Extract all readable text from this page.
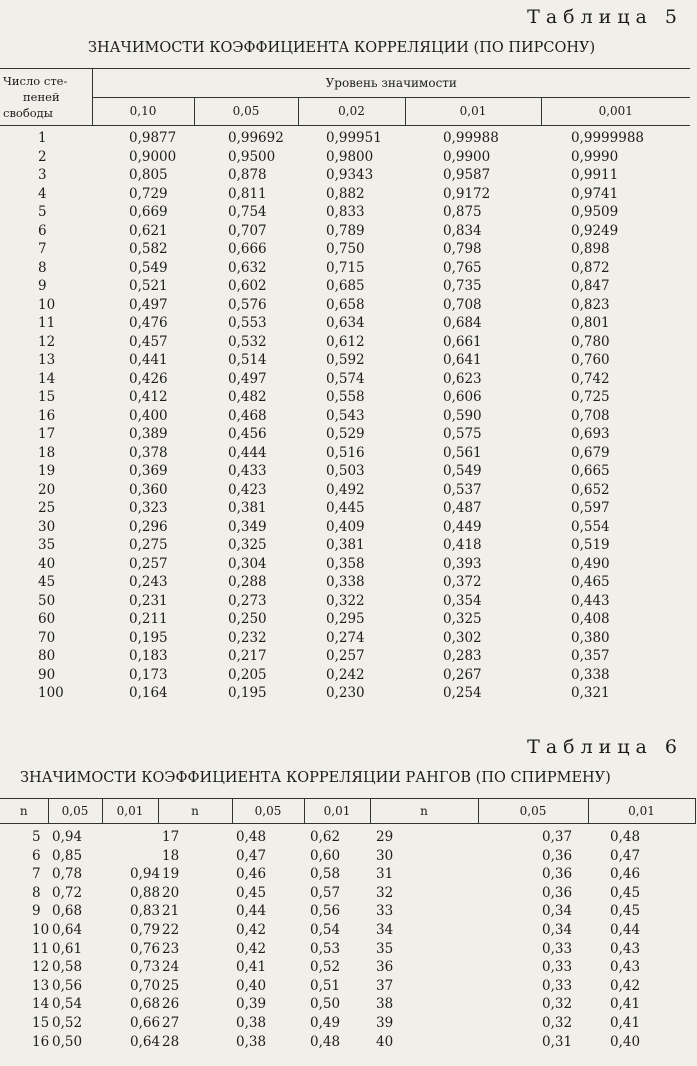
Таблица 5
ЗНАЧИМОСТИ КОЭФФИЦИЕНТА КОРРЕЛЯЦИИ (ПО ПИРСОНУ)
Число сте-
пеней
свободы	Уровень значимости				
	0,10	0,05	0,02	0,01	0,001
1	0,9877	0,99692	0,99951	0,99988	0,9999988
2	0,9000	0,9500	0,9800	0,9900	0,9990
3	0,805	0,878	0,9343	0,9587	0,9911
4	0,729	0,811	0,882	0,9172	0,9741
5	0,669	0,754	0,833	0,875	0,9509
6	0,621	0,707	0,789	0,834	0,9249
7	0,582	0,666	0,750	0,798	0,898
8	0,549	0,632	0,715	0,765	0,872
9	0,521	0,602	0,685	0,735	0,847
10	0,497	0,576	0,658	0,708	0,823
11	0,476	0,553	0,634	0,684	0,801
12	0,457	0,532	0,612	0,661	0,780
13	0,441	0,514	0,592	0,641	0,760
14	0,426	0,497	0,574	0,623	0,742
15	0,412	0,482	0,558	0,606	0,725
16	0,400	0,468	0,543	0,590	0,708
17	0,389	0,456	0,529	0,575	0,693
18	0,378	0,444	0,516	0,561	0,679
19	0,369	0,433	0,503	0,549	0,665
20	0,360	0,423	0,492	0,537	0,652
25	0,323	0,381	0,445	0,487	0,597
30	0,296	0,349	0,409	0,449	0,554
35	0,275	0,325	0,381	0,418	0,519
40	0,257	0,304	0,358	0,393	0,490
45	0,243	0,288	0,338	0,372	0,465
50	0,231	0,273	0,322	0,354	0,443
60	0,211	0,250	0,295	0,325	0,408
70	0,195	0,232	0,274	0,302	0,380
80	0,183	0,217	0,257	0,283	0,357
90	0,173	0,205	0,242	0,267	0,338
100	0,164	0,195	0,230	0,254	0,321
Таблица 6
ЗНАЧИМОСТИ КОЭФФИЦИЕНТА КОРРЕЛЯЦИИ РАНГОВ (ПО СПИРМЕНУ)
n	0,05	0,01	n	0,05	0,01	n	0,05	0,01
5	0,94		17	0,48	0,62	29	0,37	0,48
6	0,85		18	0,47	0,60	30	0,36	0,47
7	0,78	0,94	19	0,46	0,58	31	0,36	0,46
8	0,72	0,88	20	0,45	0,57	32	0,36	0,45
9	0,68	0,83	21	0,44	0,56	33	0,34	0,45
10	0,64	0,79	22	0,42	0,54	34	0,34	0,44
11	0,61	0,76	23	0,42	0,53	35	0,33	0,43
12	0,58	0,73	24	0,41	0,52	36	0,33	0,43
13	0,56	0,70	25	0,40	0,51	37	0,33	0,42
14	0,54	0,68	26	0,39	0,50	38	0,32	0,41
15	0,52	0,66	27	0,38	0,49	39	0,32	0,41
16	0,50	0,64	28	0,38	0,48	40	0,31	0,40
